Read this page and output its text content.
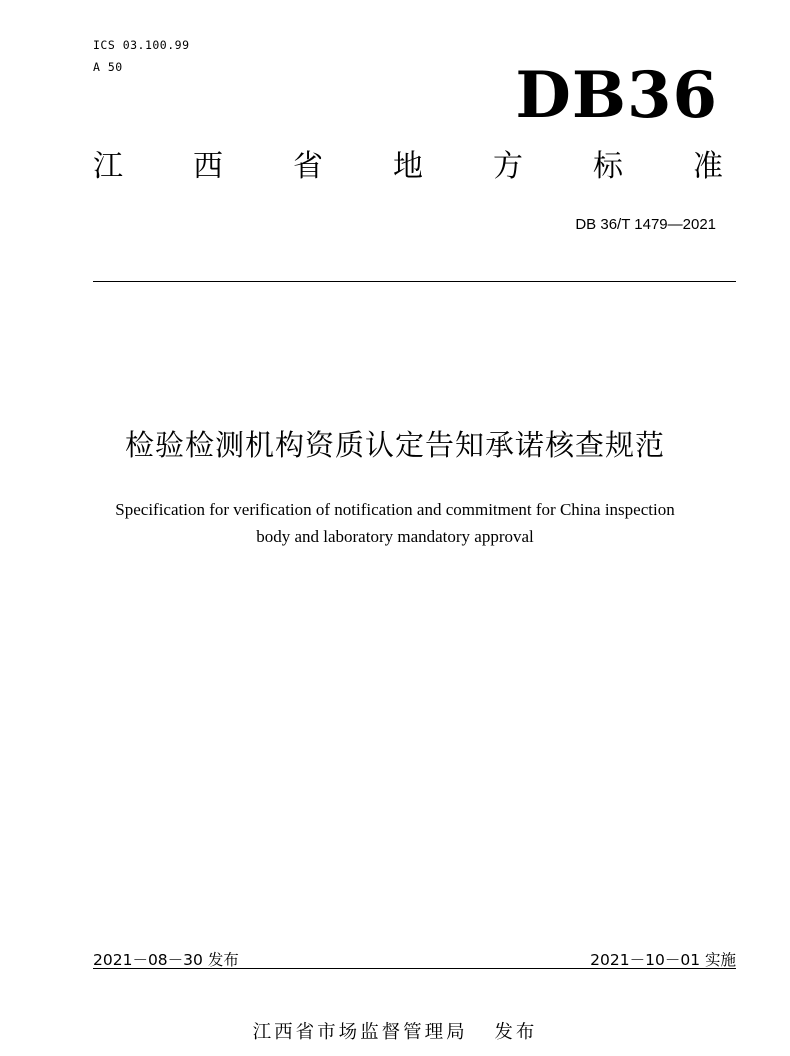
ICS 03.100.99
A 50	DB36
江 西 省 地 方 标 准
DB 36/T 1479—2021
检验检测机构资质认定告知承诺核查规范
Specification for verification of notification and commitment for China inspection
body and laboratory mandatory approval
2021－08－30 发布	2021－10－01 实施
江西省市场监督管理局 发布
